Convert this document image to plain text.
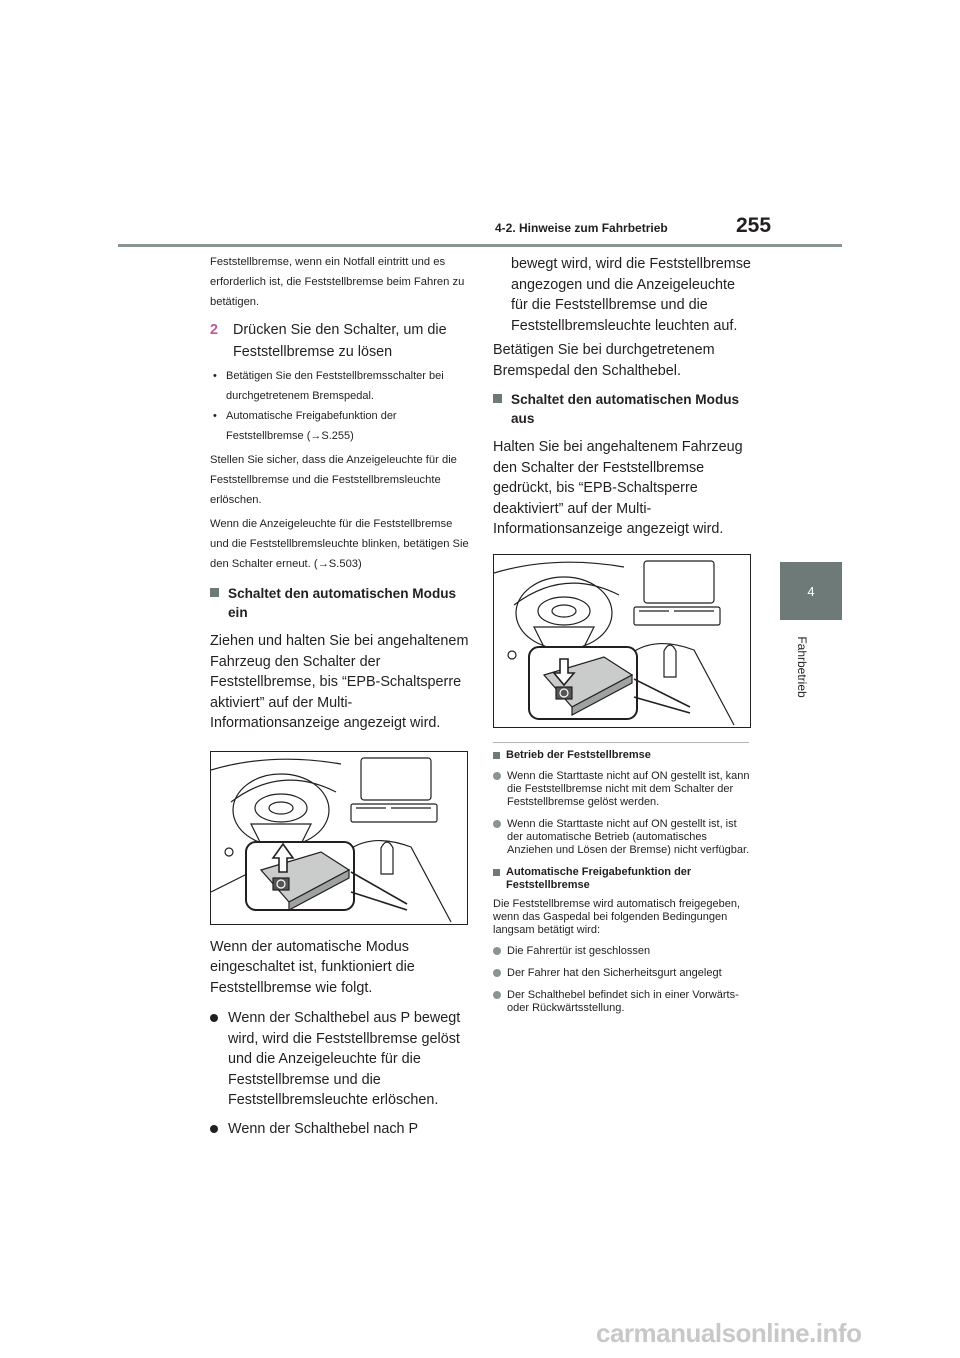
255
4-2. Hinweise zum Fahrbetrieb
4
Fahrbetrieb

Feststellbremse, wenn ein Notfall eintritt und es erforderlich ist, die Feststellbremse beim Fahren zu betätigen.

2	Drücken Sie den Schalter, um die Feststellbremse zu lösen

• Betätigen Sie den Feststellbremsschalter bei durchgetretenem Bremspedal.

• Automatische Freigabefunktion der Feststellbremse (→S.255)

Stellen Sie sicher, dass die Anzeigeleuchte für die Feststellbremse und die Feststellbremsleuchte erlöschen.

Wenn die Anzeigeleuchte für die Feststellbremse und die Feststellbremsleuchte blinken, betätigen Sie den Schalter erneut. (→S.503)

Schaltet den automatischen Modus ein

Ziehen und halten Sie bei angehaltenem Fahrzeug den Schalter der Feststellbremse, bis “EPB-Schaltsperre aktiviert” auf der Multi-Informationsanzeige angezeigt wird.

Wenn der automatische Modus eingeschaltet ist, funktioniert die Feststellbremse wie folgt.

Wenn der Schalthebel aus P bewegt wird, wird die Feststellbremse gelöst und die Anzeigeleuchte für die Feststellbremse und die Feststellbremsleuchte erlöschen.
Wenn der Schalthebel nach P

bewegt wird, wird die Feststellbremse angezogen und die Anzeigeleuchte für die Feststellbremse und die Feststellbremsleuchte leuchten auf.

Betätigen Sie bei durchgetretenem Bremspedal den Schalthebel.

Schaltet den automatischen Modus aus

Halten Sie bei angehaltenem Fahrzeug den Schalter der Feststellbremse gedrückt, bis “EPB-Schaltsperre deaktiviert” auf der Multi-Informationsanzeige angezeigt wird.

Betrieb der Feststellbremse
Wenn die Starttaste nicht auf ON gestellt ist, kann die Feststellbremse nicht mit dem Schalter der Feststellbremse gelöst werden.
Wenn die Starttaste nicht auf ON gestellt ist, ist der automatische Betrieb (automatisches Anziehen und Lösen der Bremse) nicht verfügbar.
Automatische Freigabefunktion der Feststellbremse

Die Feststellbremse wird automatisch freigegeben, wenn das Gaspedal bei folgenden Bedingungen langsam betätigt wird:

Die Fahrertür ist geschlossen
Der Fahrer hat den Sicherheitsgurt angelegt
Der Schalthebel befindet sich in einer Vorwärts- oder Rückwärtsstellung.
carmanualsonline.info
